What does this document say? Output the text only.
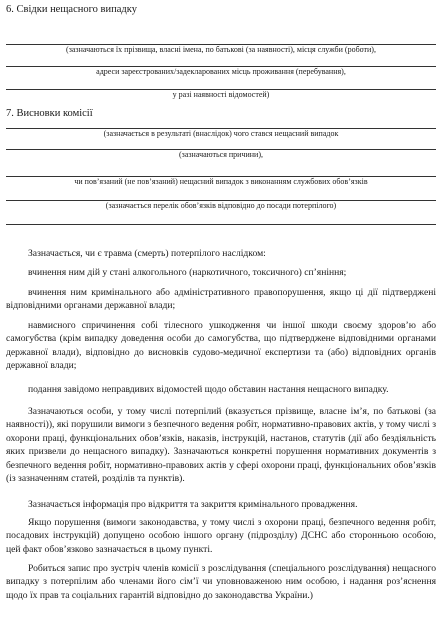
6. Свідки нещасного випадку
(зазначаються їх прізвища, власні імена, по батькові (за наявності), місця служби (роботи),
адреси зареєстрованих/задекларованих місць проживання (перебування),
у разі наявності відомостей)
7. Висновки комісії
(зазначається в результаті (внаслідок) чого стався нещасний випадок
(зазначаються причини),
чи пов’язаний (не пов’язаний) нещасний випадок з виконанням службових обов’язків
(зазначається перелік обов’язків відповідно до посади потерпілого)

Зазначається, чи є травма (смерть) потерпілого наслідком:

вчинення ним дій у стані алкогольного (наркотичного, токсичного) сп’яніння;

вчинення ним кримінального або адміністративного правопорушення, якщо ці дії підтверджені відповідними органами державної влади;

навмисного спричинення собі тілесного ушкодження чи іншої шкоди своєму здоров’ю або самогубства (крім випадку доведення особи до самогубства, що підтверджене відповідними органами державної влади), відповідно до висновків судово-медичної експертизи та (або) відповідних органів державної влади;

подання завідомо неправдивих відомостей щодо обставин настання нещасного випадку.

Зазначаються особи, у тому числі потерпілий (вказується прізвище, власне ім’я, по батькові (за наявності)), які порушили вимоги з безпечного ведення робіт, нормативно-правових актів, у тому числі з охорони праці, функціональних обов’язків, наказів, інструкцій, настанов, статутів (дії або бездіяльність яких призвели до нещасного випадку). Зазначаються конкретні порушення нормативних документів з безпечного ведення робіт, нормативно-правових актів у сфері охорони праці, функціональних обов’язків (із зазначенням статей, розділів та пунктів).

Зазначається інформація про відкриття та закриття кримінального провадження.

Якщо порушення (вимоги законодавства, у тому числі з охорони праці, безпечного ведення робіт, посадових інструкцій) допущено особою іншого органу (підрозділу) ДСНС або сторонньою особою, цей факт обов’язково зазначається в цьому пункті.

Робиться запис про зустріч членів комісії з розслідування (спеціального розслідування) нещасного випадку з потерпілим або членами його сім’ї чи уповноваженою ним особою, і надання роз’яснення щодо їх прав та соціальних гарантій відповідно до законодавства України.)
